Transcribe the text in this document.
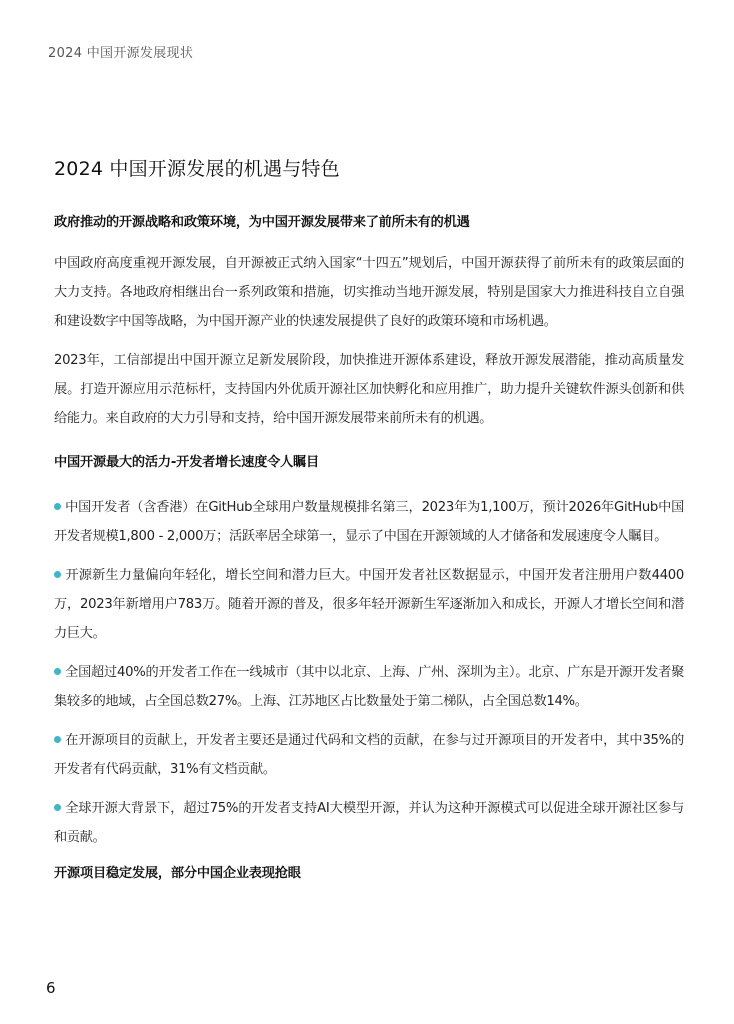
2024 中国开源发展现状
2024 中国开源发展的机遇与特色
政府推动的开源战略和政策环境，为中国开源发展带来了前所未有的机遇

中国政府高度重视开源发展，自开源被正式纳入国家“十四五”规划后，中国开源获得了前所未有的政策层面的大力支持。各地政府相继出台一系列政策和措施，切实推动当地开源发展，特别是国家大力推进科技自立自强和建设数字中国等战略，为中国开源产业的快速发展提供了良好的政策环境和市场机遇。

2023年，工信部提出中国开源立足新发展阶段，加快推进开源体系建设，释放开源发展潜能，推动高质量发展。打造开源应用示范标杆，支持国内外优质开源社区加快孵化和应用推广，助力提升关键软件源头创新和供给能力。来自政府的大力引导和支持，给中国开源发展带来前所未有的机遇。

中国开源最大的活力-开发者增长速度令人瞩目

中国开发者（含香港）在GitHub全球用户数量规模排名第三，2023年为1,100万，预计2026年GitHub中国开发者规模1,800 - 2,000万；活跃率居全球第一，显示了中国在开源领域的人才储备和发展速度令人瞩目。

开源新生力量偏向年轻化，增长空间和潜力巨大。中国开发者社区数据显示，中国开发者注册用户数4400万，2023年新增用户783万。随着开源的普及，很多年轻开源新生军逐渐加入和成长，开源人才增长空间和潜力巨大。

全国超过40%的开发者工作在一线城市（其中以北京、上海、广州、深圳为主）。北京、广东是开源开发者聚集较多的地域，占全国总数27%。上海、江苏地区占比数量处于第二梯队，占全国总数14%。

在开源项目的贡献上，开发者主要还是通过代码和文档的贡献，在参与过开源项目的开发者中，其中35%的开发者有代码贡献，31%有文档贡献。

全球开源大背景下，超过75%的开发者支持AI大模型开源，并认为这种开源模式可以促进全球开源社区参与和贡献。

开源项目稳定发展，部分中国企业表现抢眼
6
